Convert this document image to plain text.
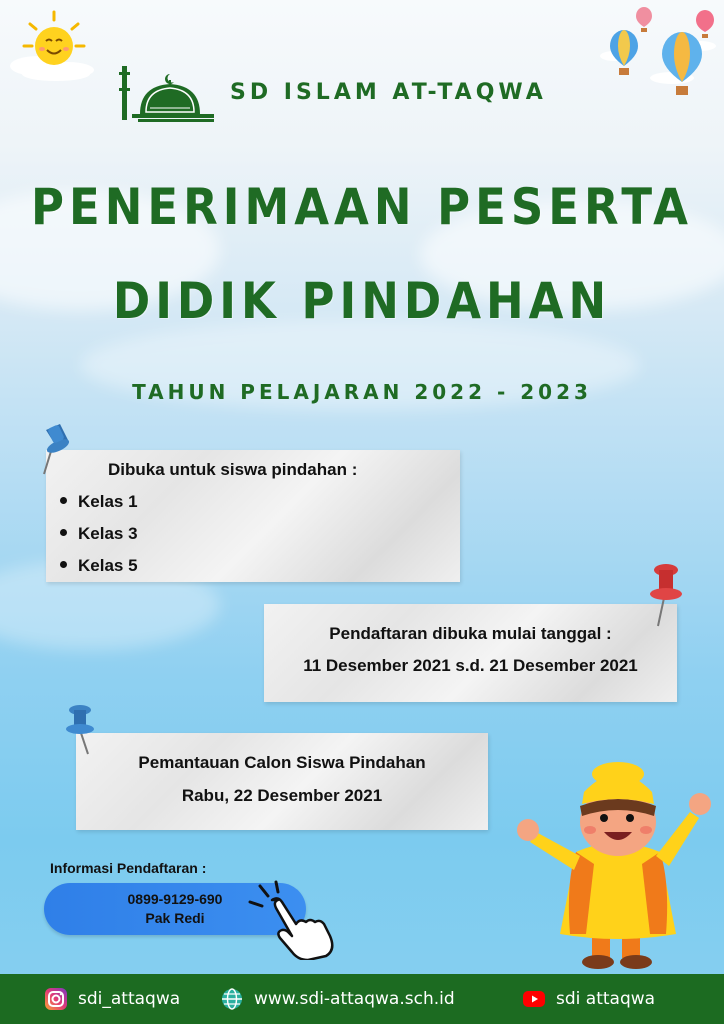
SD ISLAM AT-TAQWA
PENERIMAAN PESERTA
DIDIK PINDAHAN
TAHUN PELAJARAN 2022 - 2023
Dibuka untuk siswa pindahan :
Kelas 1
Kelas 3
Kelas 5
Pendaftaran dibuka mulai tanggal :
11 Desember 2021 s.d. 21 Desember 2021
Pemantauan Calon Siswa Pindahan
Rabu, 22 Desember 2021
Informasi Pendaftaran :
0899-9129-690
Pak Redi
sdi_attaqwa	www.sdi-attaqwa.sch.id	sdi attaqwa
